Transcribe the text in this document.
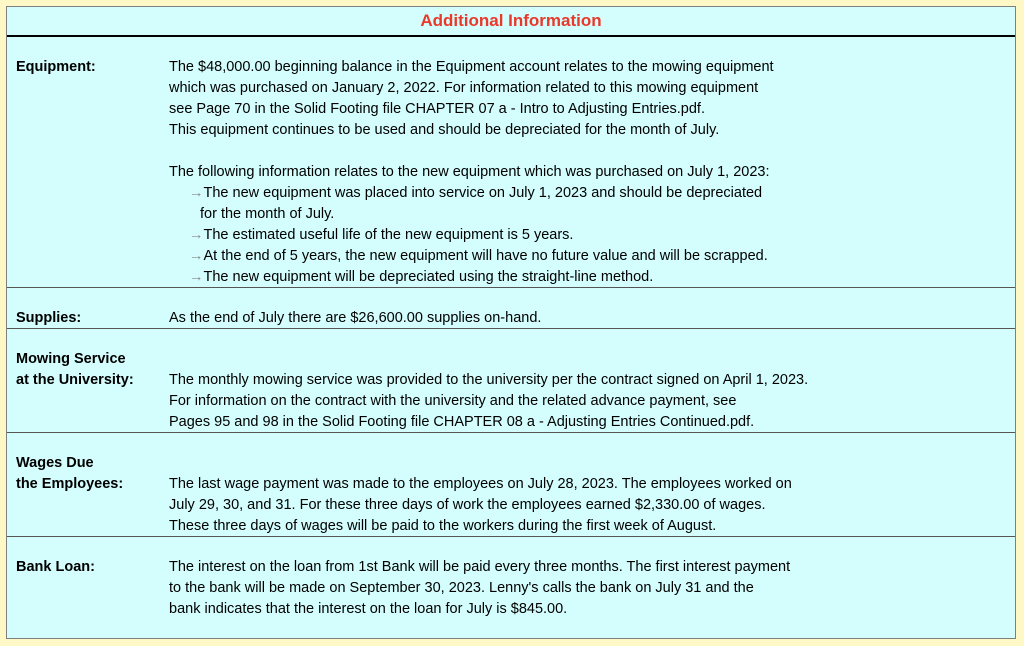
Additional Information
Equipment:	The $48,000.00 beginning balance in the Equipment account relates to the mowing equipment
which was purchased on January 2, 2022. For information related to this mowing equipment
see Page 70 in the Solid Footing file CHAPTER 07 a - Intro to Adjusting Entries.pdf.
This equipment continues to be used and should be depreciated for the month of July.
The following information relates to the new equipment which was purchased on July 1, 2023:
→The new equipment was placed into service on July 1, 2023 and should be depreciated
for the month of July.
→The estimated useful life of the new equipment is 5 years.
→At the end of 5 years, the new equipment will have no future value and will be scrapped.
→The new equipment will be depreciated using the straight-line method.
Supplies:	As the end of July there are $26,600.00 supplies on-hand.
Mowing Service
at the University: The monthly mowing service was provided to the university per the contract signed on April 1, 2023.
For information on the contract with the university and the related advance payment, see
Pages 95 and 98 in the Solid Footing file CHAPTER 08 a - Adjusting Entries Continued.pdf.
Wages Due
the Employees:	The last wage payment was made to the employees on July 28, 2023. The employees worked on
July 29, 30, and 31. For these three days of work the employees earned $2,330.00 of wages.
These three days of wages will be paid to the workers during the first week of August.
Bank Loan:	The interest on the loan from 1st Bank will be paid every three months. The first interest payment
to the bank will be made on September 30, 2023. Lenny's calls the bank on July 31 and the
bank indicates that the interest on the loan for July is $845.00.
